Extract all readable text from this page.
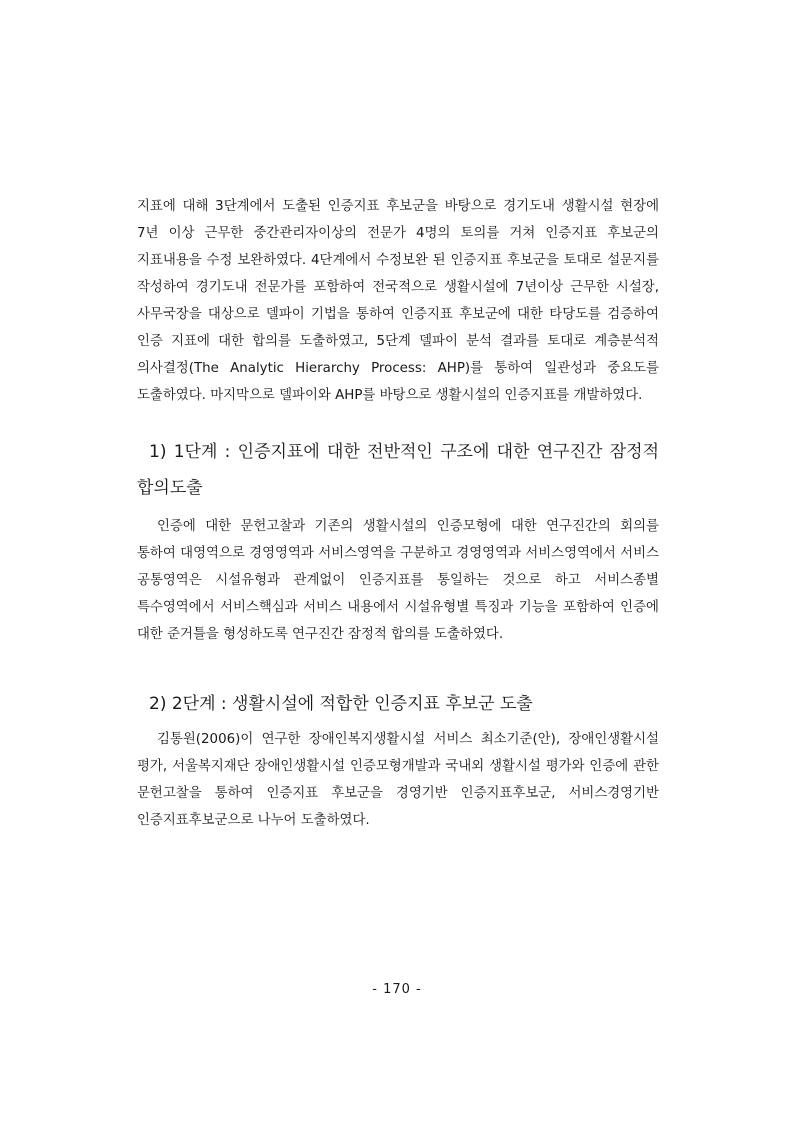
지표에 대해 3단계에서 도출된 인증지표 후보군을 바탕으로 경기도내 생활시설 현장에 7년 이상 근무한 중간관리자이상의 전문가 4명의 토의를 거쳐 인증지표 후보군의 지표내용을 수정 보완하였다. 4단계에서 수정보완 된 인증지표 후보군을 토대로 설문지를 작성하여 경기도내 전문가를 포함하여 전국적으로 생활시설에 7년이상 근무한 시설장, 사무국장을 대상으로 델파이 기법을 통하여 인증지표 후보군에 대한 타당도를 검증하여 인증 지표에 대한 합의를 도출하였고, 5단계 델파이 분석 결과를 토대로 계층분석적 의사결정(The Analytic Hierarchy Process: AHP)를 통하여 일관성과 중요도를 도출하였다. 마지막으로 델파이와 AHP를 바탕으로 생활시설의 인증지표를 개발하였다.

1) 1단계 : 인증지표에 대한 전반적인 구조에 대한 연구진간 잠정적 합의도출

인증에 대한 문헌고찰과 기존의 생활시설의 인증모형에 대한 연구진간의 회의를 통하여 대영역으로 경영영역과 서비스영역을 구분하고 경영영역과 서비스영역에서 서비스 공통영역은 시설유형과 관계없이 인증지표를 통일하는 것으로 하고 서비스종별 특수영역에서 서비스핵심과 서비스 내용에서 시설유형별 특징과 기능을 포함하여 인증에 대한 준거틀을 형성하도록 연구진간 잠정적 합의를 도출하였다.

2) 2단계 : 생활시설에 적합한 인증지표 후보군 도출

김통원(2006)이 연구한 장애인복지생활시설 서비스 최소기준(안), 장애인생활시설 평가, 서울복지재단 장애인생활시설 인증모형개발과 국내외 생활시설 평가와 인증에 관한 문헌고찰을 통하여 인증지표 후보군을 경영기반 인증지표후보군, 서비스경영기반 인증지표후보군으로 나누어 도출하였다.

- 170 -
